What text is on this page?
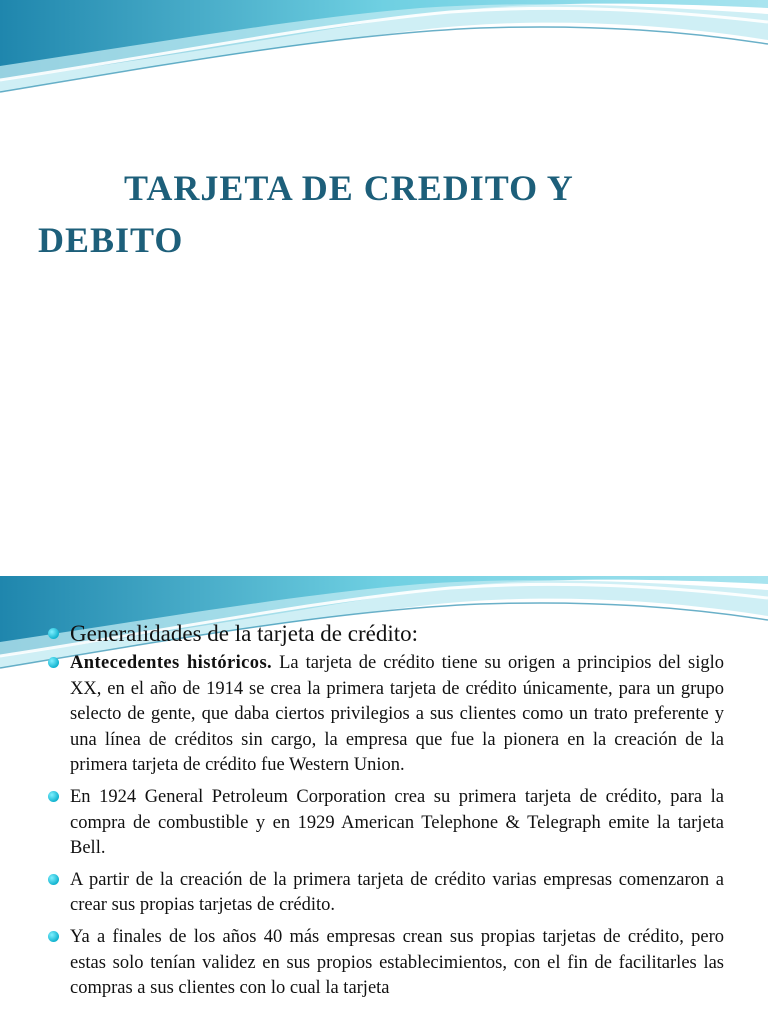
TARJETA DE CREDITO Y
DEBITO
Generalidades de la tarjeta de crédito:
Antecedentes históricos. La tarjeta de crédito tiene su origen a principios del siglo XX, en el año de 1914 se crea la primera tarjeta de crédito únicamente, para un grupo selecto de gente, que daba ciertos privilegios a sus clientes como un trato preferente y una línea de créditos sin cargo, la empresa que fue la pionera en la creación de la primera tarjeta de crédito fue Western Union.
En 1924 General Petroleum Corporation crea su primera tarjeta de crédito, para la compra de combustible y en 1929 American Telephone & Telegraph emite la tarjeta Bell.
A partir de la creación de la primera tarjeta de crédito varias empresas comenzaron a crear sus propias tarjetas de crédito.
Ya a finales de los años 40 más empresas crean sus propias tarjetas de crédito, pero estas solo tenían validez en sus propios establecimientos, con el fin de facilitarles las compras a sus clientes con lo cual la tarjeta
